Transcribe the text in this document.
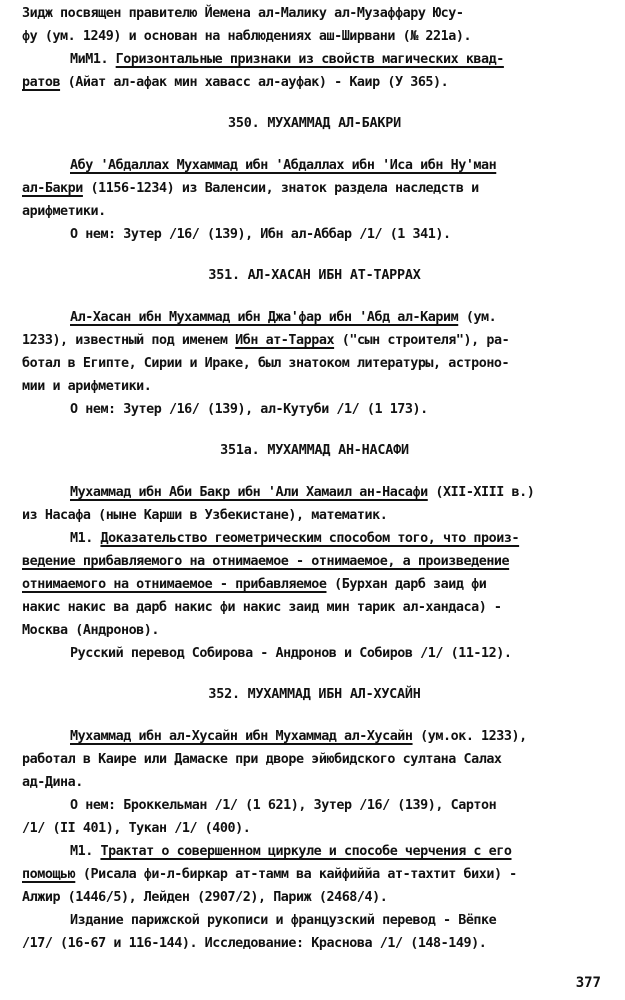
Зидж посвящен правителю Йемена ал-Малику ал-Музаффару Юсу-
фу (ум. 1249) и основан на наблюдениях аш-Ширвани (№ 221а).
МиМ1. Горизонтальные признаки из свойств магических квад-
ратов (Айат ал-афак мин хавасс ал-ауфак) - Каир (У 365).
350. МУХАММАД АЛ-БАКРИ
Абу 'Абдаллах Мухаммад ибн 'Абдаллах ибн 'Иса ибн Ну'ман
ал-Бакри (1156-1234) из Валенсии, знаток раздела наследств и
арифметики.
О нем: Зутер /16/ (139), Ибн ал-Аббар /1/ (1 341).
351. АЛ-ХАСАН ИБН АТ-ТАРРАХ
Ал-Хасан ибн Мухаммад ибн Джа'фар ибн 'Абд ал-Карим (ум.
1233), известный под именем Ибн ат-Таррах ("сын строителя"), ра-
ботал в Египте, Сирии и Ираке, был знатоком литературы, астроно-
мии и арифметики.
О нем: Зутер /16/ (139), ал-Кутуби /1/ (1 173).
351а. МУХАММАД АН-НАСАФИ
Мухаммад ибн Аби Бакр ибн 'Али Хамаил ан-Насафи (XII-XIII в.)
из Насафа (ныне Карши в Узбекистане), математик.
М1. Доказательство геометрическим способом того, что произ-
ведение прибавляемого на отнимаемое - отнимаемое, а произведение
отнимаемого на отнимаемое - прибавляемое (Бурхан дарб заид фи
накис накис ва дарб накис фи накис заид мин тарик ал-хандаса) -
Москва (Андронов).
Русский перевод Собирова - Андронов и Собиров /1/ (11-12).
352. МУХАММАД ИБН АЛ-ХУСАЙН
Мухаммад ибн ал-Хусайн ибн Мухаммад ал-Хусайн (ум.ок. 1233),
работал в Каире или Дамаске при дворе эйюбидского султана Салах
ад-Дина.
О нем: Броккельман /1/ (1 621), Зутер /16/ (139), Сартон
/1/ (II 401), Тукан /1/ (400).
М1. Трактат о совершенном циркуле и способе черчения с его
помощью (Рисала фи-л-биркар ат-тамм ва кайфиййа ат-тахтит бихи) -
Алжир (1446/5), Лейден (2907/2), Париж (2468/4).
Издание парижской рукописи и французский перевод - Вёпке
/17/ (16-67 и 116-144). Исследование: Краснова /1/ (148-149).
377
